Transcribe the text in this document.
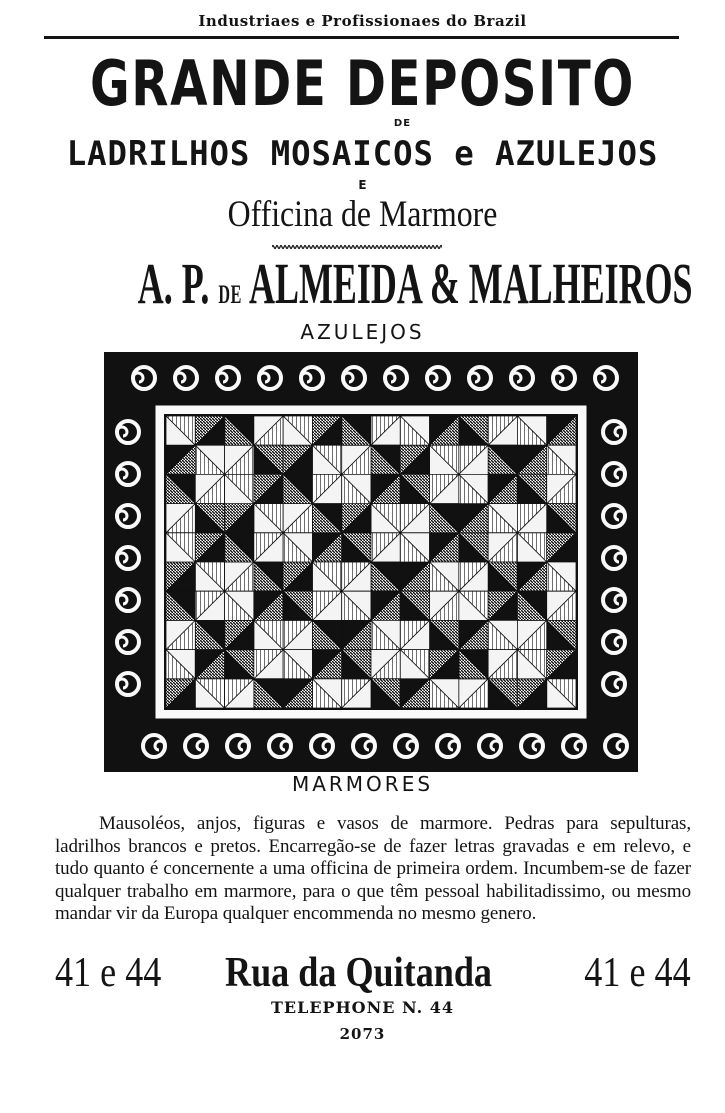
Industriaes e Profissionaes do Brazil
GRANDE DEPOSITO
DE
LADRILHOS MOSAICOS e AZULEJOS
E
Officina de Marmore
A. P. DE ALMEIDA & MALHEIROS
AZULEJOS
MARMORES
Mausoléos, anjos, figuras e vasos de marmore. Pedras para sepulturas, ladrilhos brancos e pretos. Encarregão-se de fazer letras gravadas e em relevo, e tudo quanto é concernente a uma officina de primeira ordem. Incumbem-se de fazer qualquer trabalho em marmore, para o que têm pessoal habilitadissimo, ou mesmo mandar vir da Europa qualquer encommenda no mesmo genero.
41 e 44 Rua da Quitanda 41 e 44
TELEPHONE N. 44
2073
